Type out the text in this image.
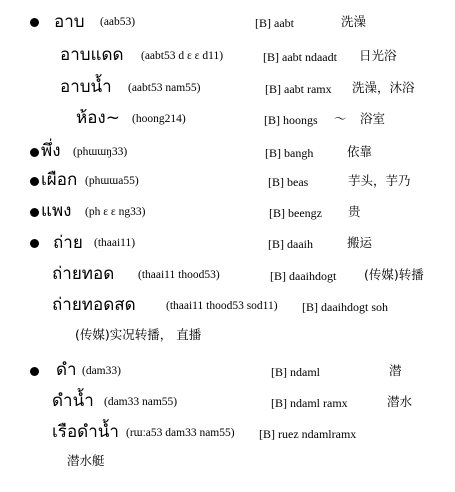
อาบ (aab53)	[B] aabt	洗澡
อาบแดด (aabt53 d ɛ ɛ d11)	[B] aabt ndaadt 日光浴
อาบน้ำ (aabt53 nam55)	[B] aabt ramx 洗澡，沐浴
ห้อง~ (hoong214)	[B] hoongs ～ 浴室
พึ่ง (phɯɯŋ33)	[B] bangh	依靠
เผือก (phɯɯa55)	[B] beas	芋头，芋乃
แพง (ph ɛ ɛ ng33)	[B] beengz 贵
ถ่าย (thaai11)	[B] daaih	搬运
ถ่ายทอด (thaai11 thood53)	[B] daaihdogt (传媒)转播
ถ่ายทอดสด	(thaai11 thood53 sod11) [B] daaihdogt soh
(传媒)实况转播， 直播
ดำ (dam33)	[B] ndaml	潜
ดำน้ำ (dam33 nam55)	[B] ndaml ramx	潜水
เรือดำน้ำ (rɯːa53 dam33 nam55) [B] ruez ndamlramx
潜水艇
